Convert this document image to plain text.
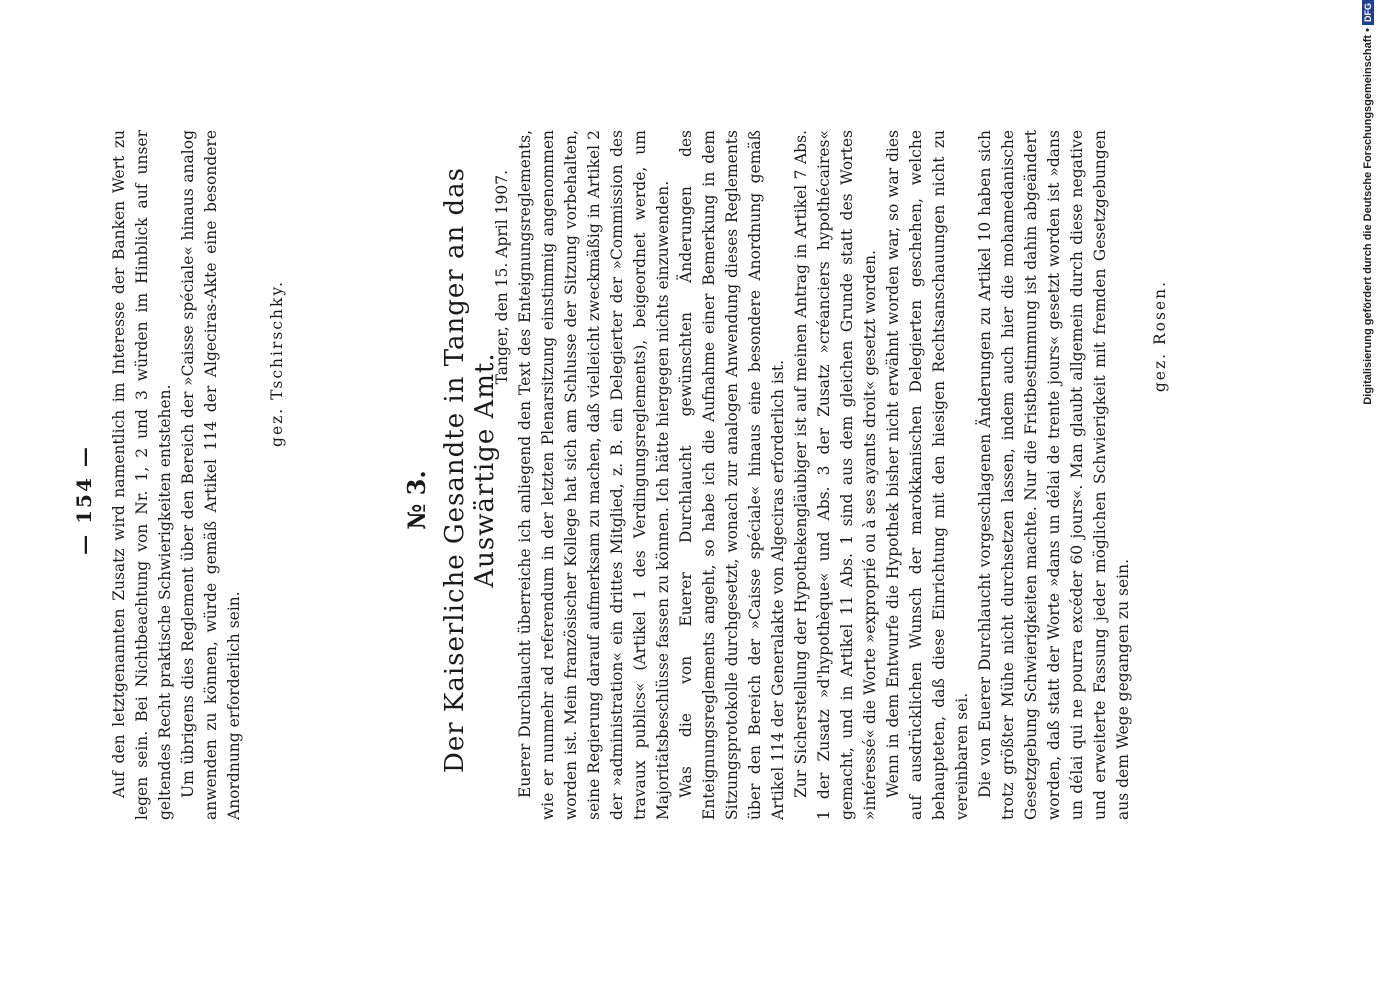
— 154 — Auf den letztgenannten Zusatz wird namentlich im Interesse der Banken Wert zu legen sein. Bei Nichtbeachtung von Nr. 1, 2 und 3 würden im Hinblick auf unser geltendes Recht praktische Schwierigkeiten entstehen. Um übrigens dies Reglement über den Bereich der »Caisse spéciale« hinaus analog anwenden zu können, würde gemäß Artikel 114 der Algeciras-Akte eine besondere Anordnung erforderlich sein.

gez. Tschirschky.
№ 3. Der Kaiserliche Gesandte in Tanger an das Auswärtige Amt.
Tanger, den 15. April 1907. Euerer Durchlaucht überreiche ich anliegend den Text des Enteignungsreglements, wie er nunmehr ad referendum in der letzten Plenarsitzung einstimmig angenommen worden ist. Mein französischer Kollege hat sich am Schlusse der Sitzung vorbehalten, seine Regierung darauf aufmerksam zu machen, daß vielleicht zweckmäßig in Artikel 2 der »administration« ein drittes Mitglied, z. B. ein Delegierter der »Commission des travaux publics« (Artikel 1 des Verdingungsreglements), beigeordnet werde, um Majoritätsbeschlüsse fassen zu können. Ich hätte hiergegen nichts einzuwenden. Was die von Euerer Durchlaucht gewünschten Änderungen des Enteignungsreglements angeht, so habe ich die Aufnahme einer Bemerkung in dem Sitzungsprotokolle durchgesetzt, wonach zur analogen Anwendung dieses Reglements über den Bereich der »Caisse spéciale« hinaus eine besondere Anordnung gemäß Artikel 114 der Generalakte von Algeciras erforderlich ist. Zur Sicherstellung der Hypothekengläubiger ist auf meinen Antrag in Artikel 7 Abs. 1 der Zusatz »d'hypothèque« und Abs. 3 der Zusatz »créanciers hypothécaires« gemacht, und in Artikel 11 Abs. 1 sind aus dem gleichen Grunde statt des Wortes »intéressé« die Worte »exproprié ou à ses ayants droit« gesetzt worden. Wenn in dem Entwurfe die Hypothek bisher nicht erwähnt worden war, so war dies auf ausdrücklichen Wunsch der marokkanischen Delegierten geschehen, welche behaupteten, daß diese Einrichtung mit den hiesigen Rechtsanschauungen nicht zu vereinbaren sei. Die von Euerer Durchlaucht vorgeschlagenen Änderungen zu Artikel 10 haben sich trotz größter Mühe nicht durchsetzen lassen, indem auch hier die mohamedanische Gesetzgebung Schwierigkeiten machte. Nur die Fristbestimmung ist dahin abgeändert worden, daß statt der Worte »dans un délai de trente jours« gesetzt worden ist »dans un délai qui ne pourra excéder 60 jours«. Man glaubt allgemein durch diese negative und erweiterte Fassung jeder möglichen Schwierigkeit mit fremden Gesetzgebungen aus dem Wege gegangen zu sein.

gez. Rosen.	Digitalisierung gefördert durch die Deutsche Forschungsgemeinschaft •DFG
